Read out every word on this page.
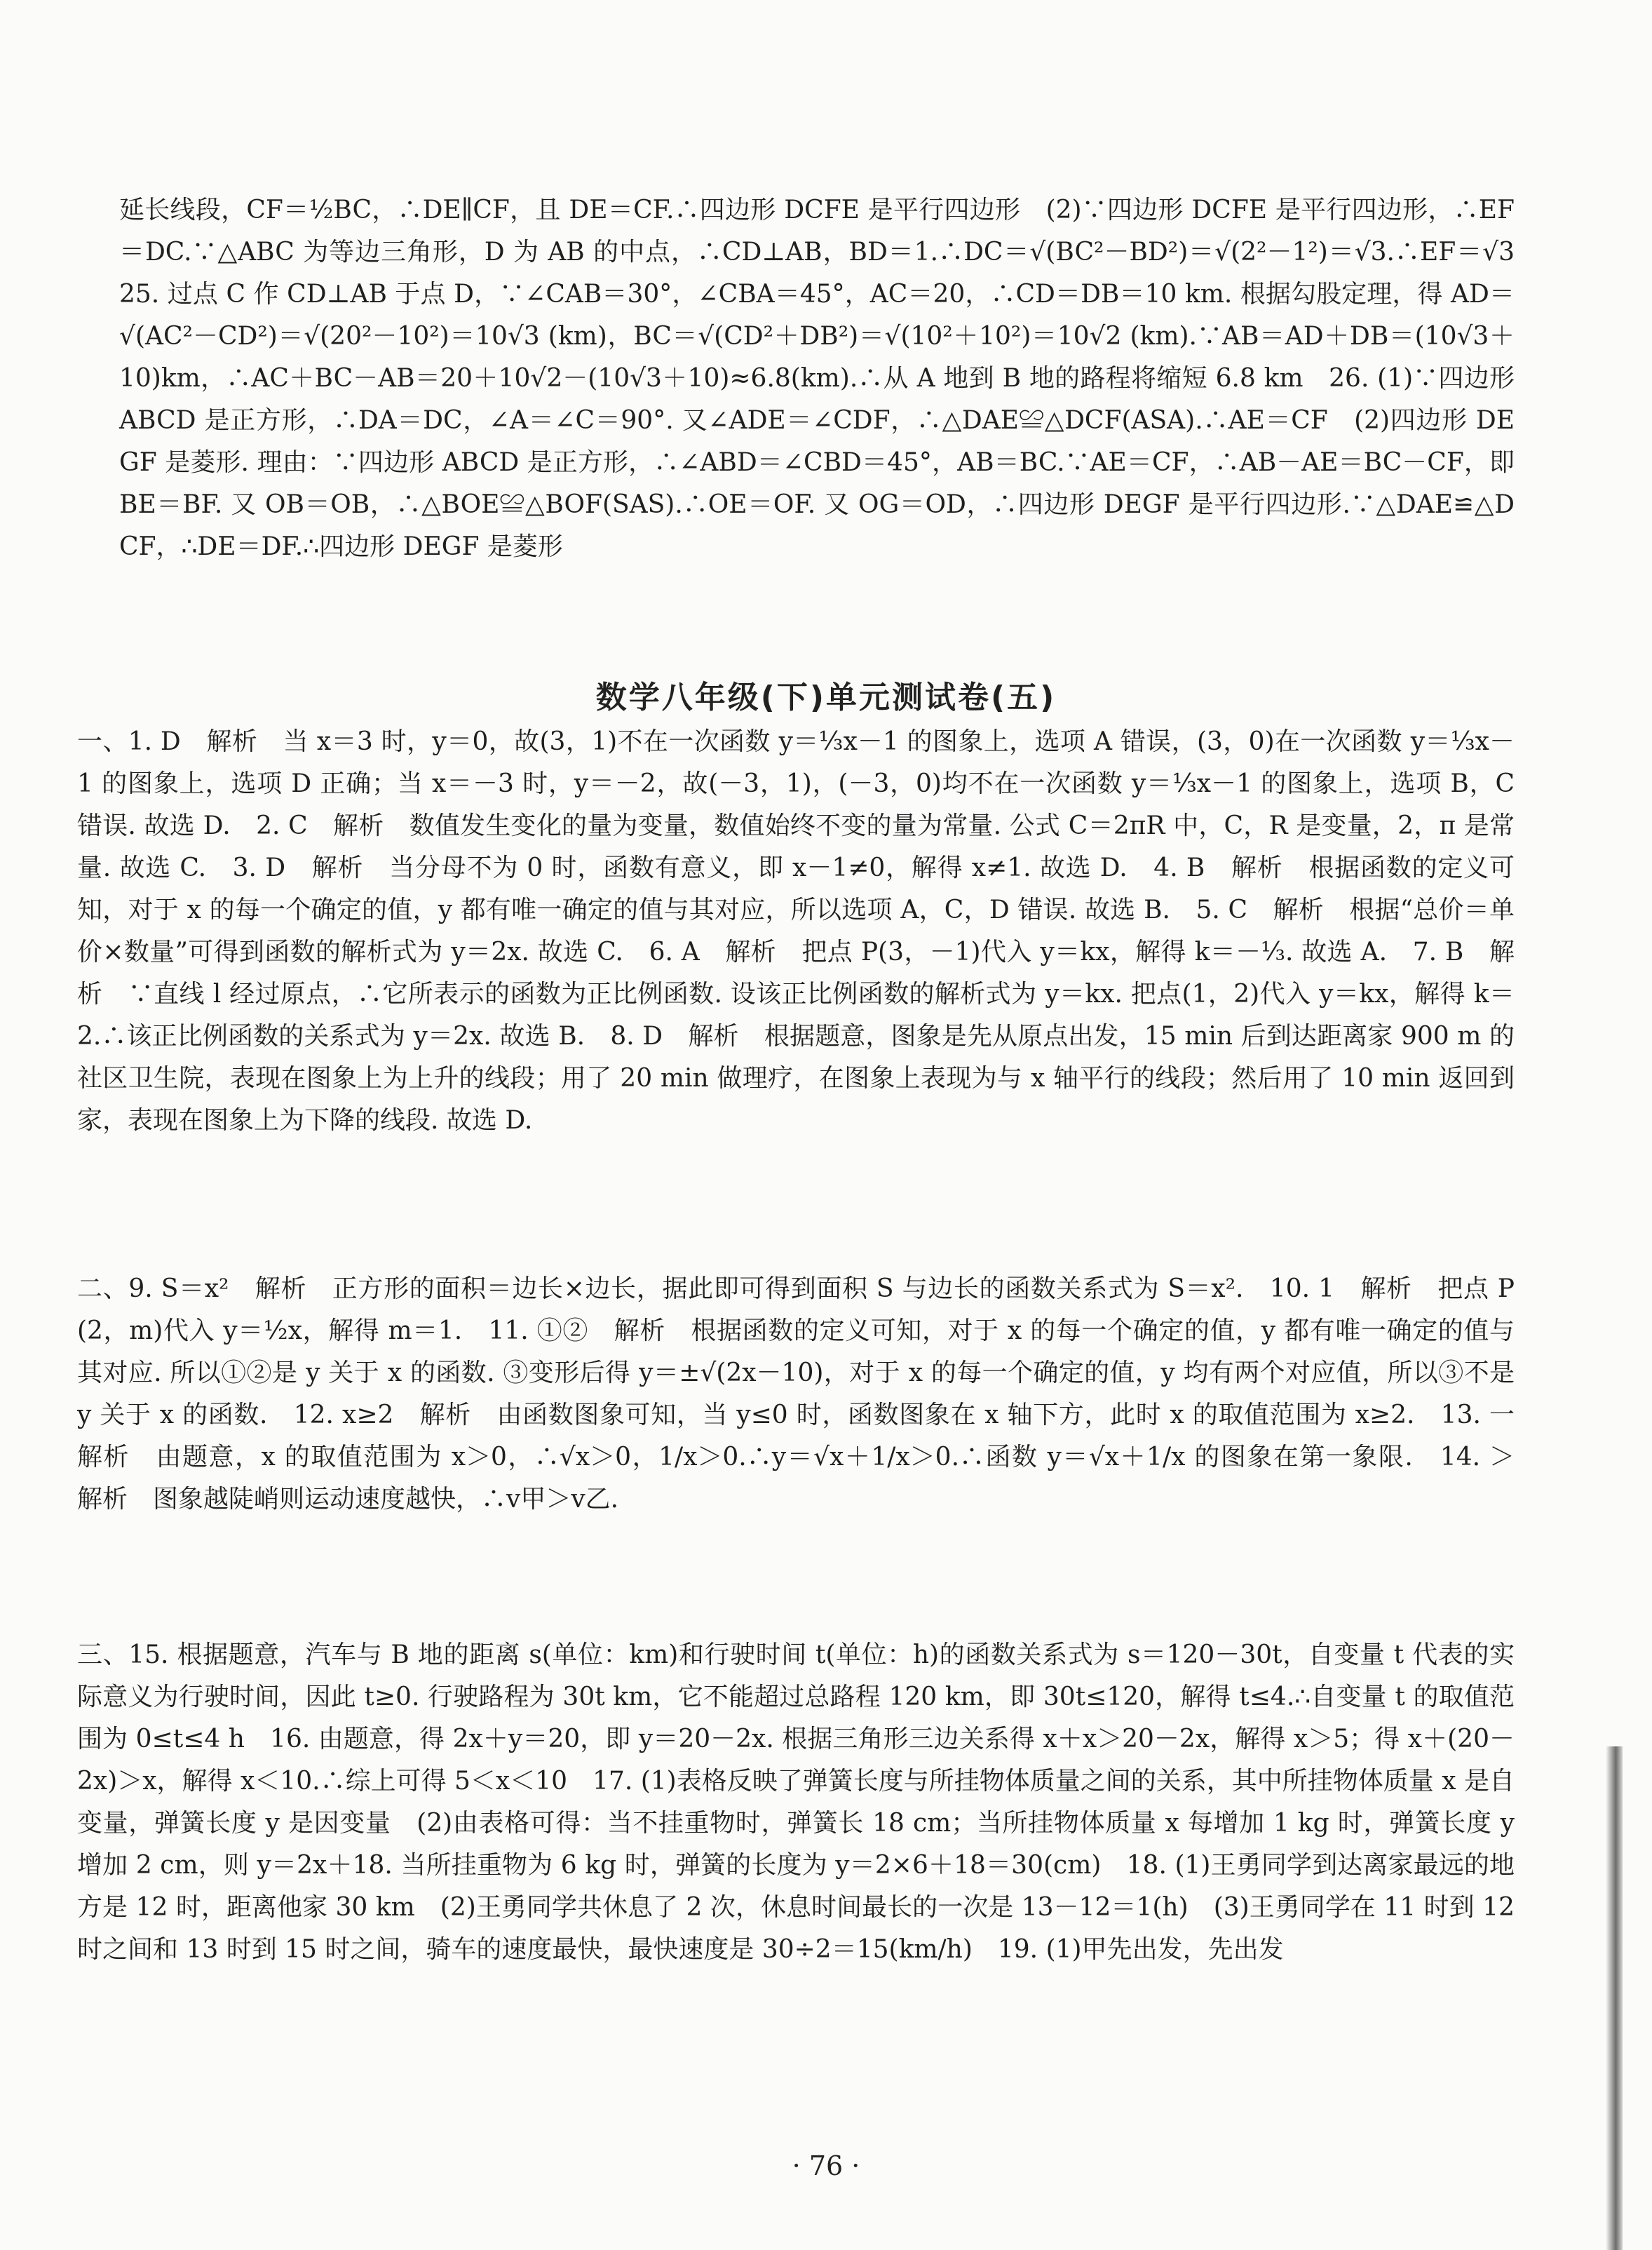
延长线段，CF＝½BC，∴DE∥CF，且 DE＝CF.∴四边形 DCFE 是平行四边形　(2)∵四边形 DCFE 是平行四边形，∴EF＝DC.∵△ABC 为等边三角形，D 为 AB 的中点，∴CD⊥AB，BD＝1.∴DC＝√(BC²－BD²)＝√(2²－1²)＝√3.∴EF＝√3　25. 过点 C 作 CD⊥AB 于点 D，∵∠CAB＝30°，∠CBA＝45°，AC＝20，∴CD＝DB＝10 km. 根据勾股定理，得 AD＝√(AC²－CD²)＝√(20²－10²)＝10√3 (km)，BC＝√(CD²＋DB²)＝√(10²＋10²)＝10√2 (km).∵AB＝AD＋DB＝(10√3＋10)km，∴AC＋BC－AB＝20＋10√2－(10√3＋10)≈6.8(km).∴从 A 地到 B 地的路程将缩短 6.8 km　26. (1)∵四边形 ABCD 是正方形，∴DA＝DC，∠A＝∠C＝90°. 又∠ADE＝∠CDF，∴△DAE≌△DCF(ASA).∴AE＝CF　(2)四边形 DEGF 是菱形. 理由：∵四边形 ABCD 是正方形，∴∠ABD＝∠CBD＝45°，AB＝BC.∵AE＝CF，∴AB－AE＝BC－CF，即 BE＝BF. 又 OB＝OB，∴△BOE≌△BOF(SAS).∴OE＝OF. 又 OG＝OD，∴四边形 DEGF 是平行四边形.∵△DAE≌△DCF，∴DE＝DF.∴四边形 DEGF 是菱形

数学八年级(下)单元测试卷(五)

一、1. D　解析　当 x＝3 时，y＝0，故(3，1)不在一次函数 y＝⅓x－1 的图象上，选项 A 错误，(3，0)在一次函数 y＝⅓x－1 的图象上，选项 D 正确；当 x＝－3 时，y＝－2，故(－3，1)，(－3，0)均不在一次函数 y＝⅓x－1 的图象上，选项 B，C 错误. 故选 D.　2. C　解析　数值发生变化的量为变量，数值始终不变的量为常量. 公式 C＝2πR 中，C，R 是变量，2，π 是常量. 故选 C.　3. D　解析　当分母不为 0 时，函数有意义，即 x－1≠0，解得 x≠1. 故选 D.　4. B　解析　根据函数的定义可知，对于 x 的每一个确定的值，y 都有唯一确定的值与其对应，所以选项 A，C，D 错误. 故选 B.　5. C　解析　根据“总价＝单价×数量”可得到函数的解析式为 y＝2x. 故选 C.　6. A　解析　把点 P(3，－1)代入 y＝kx，解得 k＝－⅓. 故选 A.　7. B　解析　∵直线 l 经过原点，∴它所表示的函数为正比例函数. 设该正比例函数的解析式为 y＝kx. 把点(1，2)代入 y＝kx，解得 k＝2.∴该正比例函数的关系式为 y＝2x. 故选 B.　8. D　解析　根据题意，图象是先从原点出发，15 min 后到达距离家 900 m 的社区卫生院，表现在图象上为上升的线段；用了 20 min 做理疗，在图象上表现为与 x 轴平行的线段；然后用了 10 min 返回到家，表现在图象上为下降的线段. 故选 D.

二、9. S＝x²　解析　正方形的面积＝边长×边长，据此即可得到面积 S 与边长的函数关系式为 S＝x².　10. 1　解析　把点 P(2，m)代入 y＝½x，解得 m＝1.　11. ①②　解析　根据函数的定义可知，对于 x 的每一个确定的值，y 都有唯一确定的值与其对应. 所以①②是 y 关于 x 的函数. ③变形后得 y＝±√(2x－10)，对于 x 的每一个确定的值，y 均有两个对应值，所以③不是 y 关于 x 的函数.　12. x≥2　解析　由函数图象可知，当 y≤0 时，函数图象在 x 轴下方，此时 x 的取值范围为 x≥2.　13. 一　解析　由题意，x 的取值范围为 x＞0，∴√x＞0，1/x＞0.∴y＝√x＋1/x＞0.∴函数 y＝√x＋1/x 的图象在第一象限.　14. ＞　解析　图象越陡峭则运动速度越快，∴v甲＞v乙.

三、15. 根据题意，汽车与 B 地的距离 s(单位：km)和行驶时间 t(单位：h)的函数关系式为 s＝120－30t，自变量 t 代表的实际意义为行驶时间，因此 t≥0. 行驶路程为 30t km，它不能超过总路程 120 km，即 30t≤120，解得 t≤4.∴自变量 t 的取值范围为 0≤t≤4 h　16. 由题意，得 2x＋y＝20，即 y＝20－2x. 根据三角形三边关系得 x＋x＞20－2x，解得 x＞5；得 x＋(20－2x)＞x，解得 x＜10.∴综上可得 5＜x＜10　17. (1)表格反映了弹簧长度与所挂物体质量之间的关系，其中所挂物体质量 x 是自变量，弹簧长度 y 是因变量　(2)由表格可得：当不挂重物时，弹簧长 18 cm；当所挂物体质量 x 每增加 1 kg 时，弹簧长度 y 增加 2 cm，则 y＝2x＋18. 当所挂重物为 6 kg 时，弹簧的长度为 y＝2×6＋18＝30(cm)　18. (1)王勇同学到达离家最远的地方是 12 时，距离他家 30 km　(2)王勇同学共休息了 2 次，休息时间最长的一次是 13－12＝1(h)　(3)王勇同学在 11 时到 12 时之间和 13 时到 15 时之间，骑车的速度最快，最快速度是 30÷2＝15(km/h)　19. (1)甲先出发，先出发

· 76 ·
